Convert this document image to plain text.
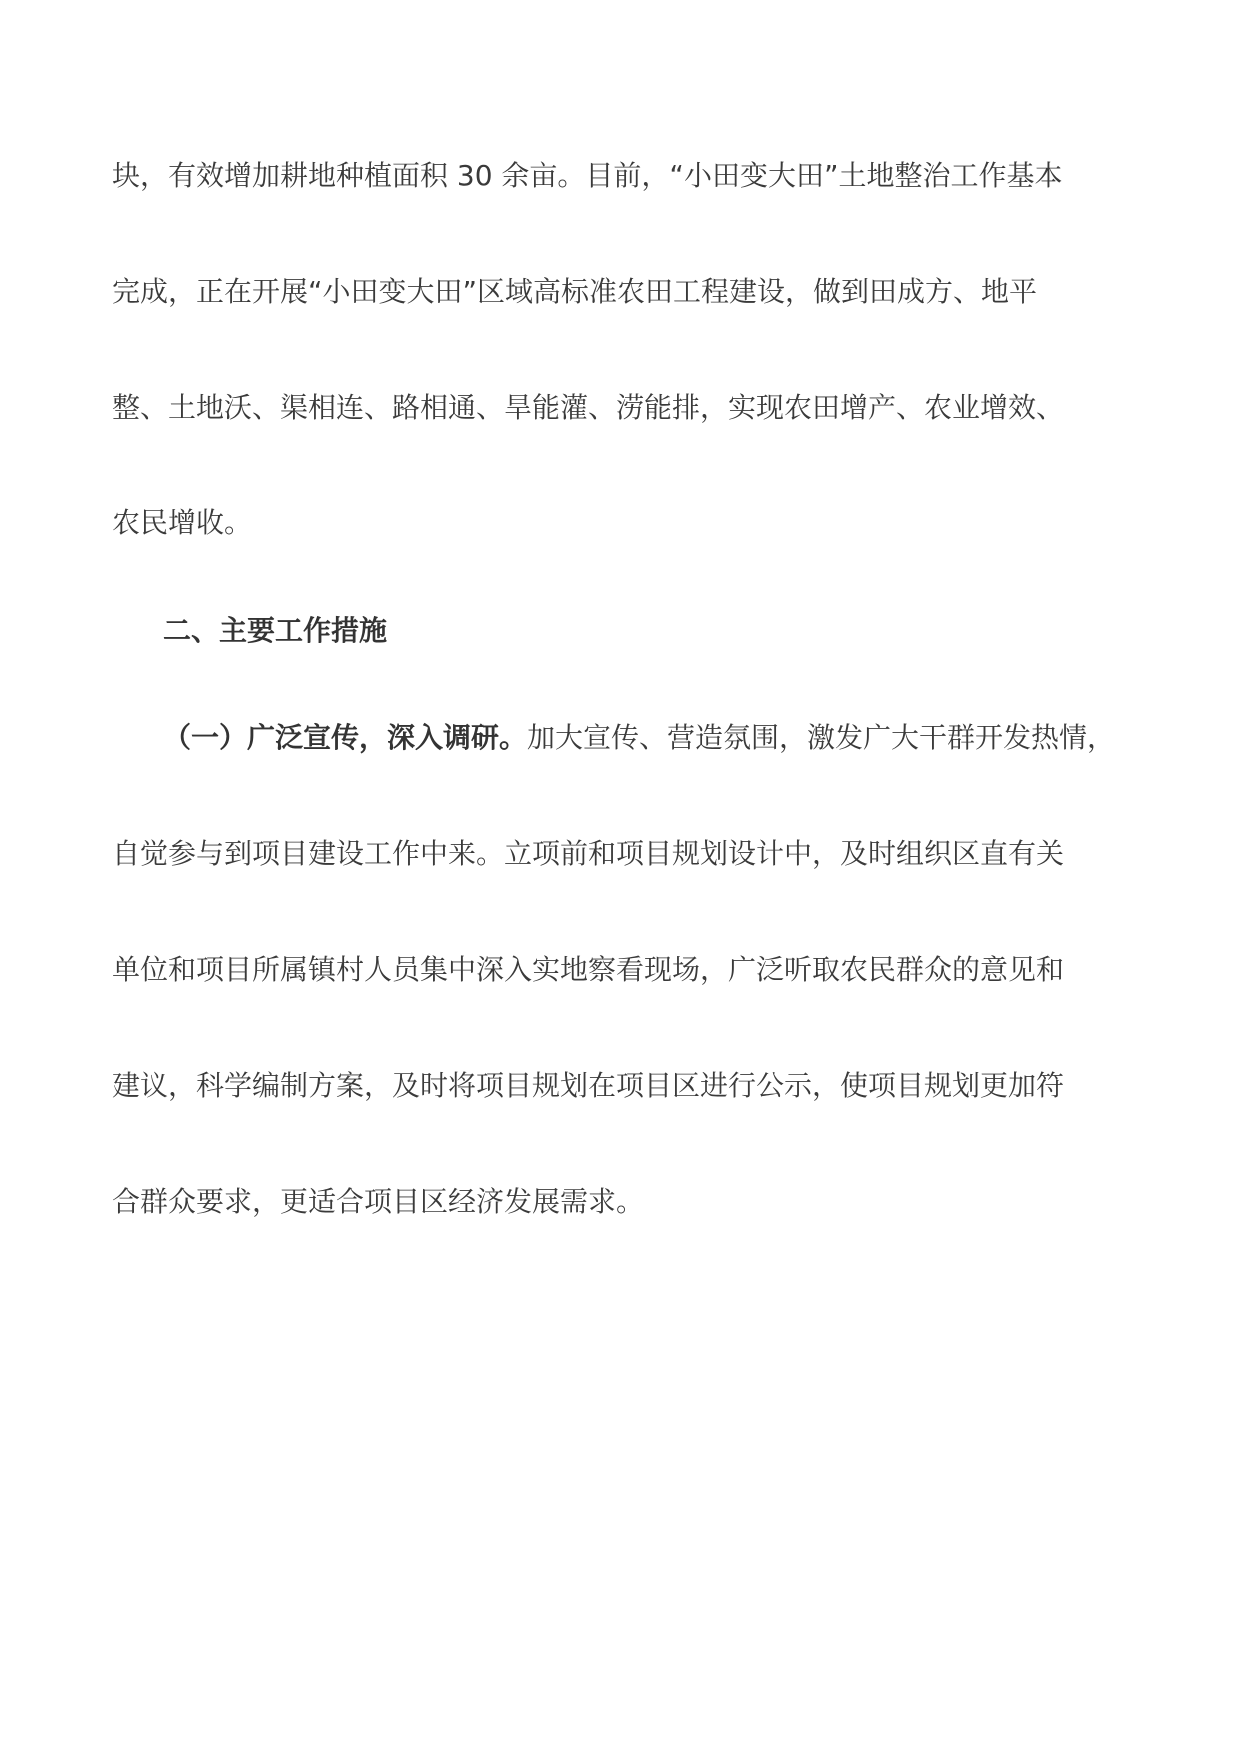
块，有效增加耕地种植面积 30 余亩。目前，“小田变大田”土地整治工作基本
完成，正在开展“小田变大田”区域高标准农田工程建设，做到田成方、地平
整、土地沃、渠相连、路相通、旱能灌、涝能排，实现农田增产、农业增效、
农民增收。
二、主要工作措施
（一）广泛宣传，深入调研。加大宣传、营造氛围，激发广大干群开发热情，
自觉参与到项目建设工作中来。立项前和项目规划设计中，及时组织区直有关
单位和项目所属镇村人员集中深入实地察看现场，广泛听取农民群众的意见和
建议，科学编制方案，及时将项目规划在项目区进行公示，使项目规划更加符
合群众要求，更适合项目区经济发展需求。
